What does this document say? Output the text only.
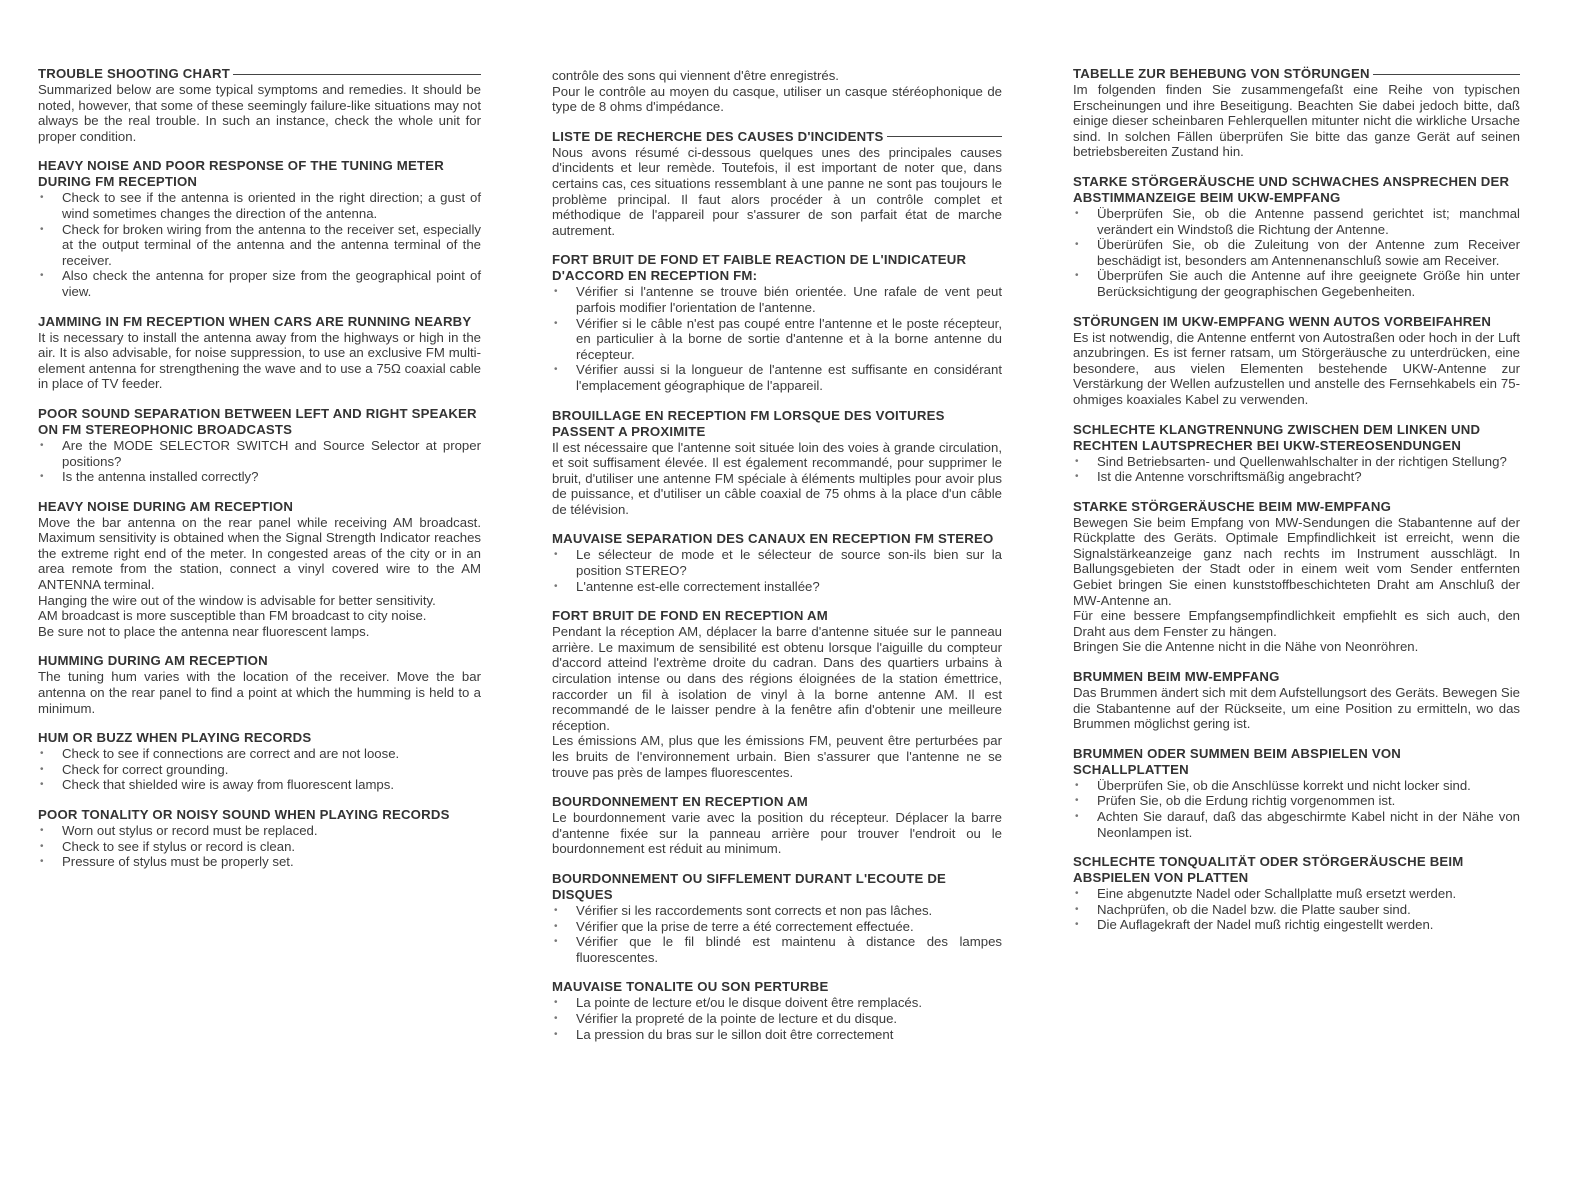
TROUBLE SHOOTING CHART

Summarized below are some typical symptoms and remedies. It should be noted, however, that some of these seemingly failure-like situations may not always be the real trouble. In such an instance, check the whole unit for proper condition.

HEAVY NOISE AND POOR RESPONSE OF THE TUNING METER DURING FM RECEPTION
• Check to see if the antenna is oriented in the right direction; a gust of wind sometimes changes the direction of the antenna.
• Check for broken wiring from the antenna to the receiver set, especially at the output terminal of the antenna and the antenna terminal of the receiver.
• Also check the antenna for proper size from the geographical point of view.
JAMMING IN FM RECEPTION WHEN CARS ARE RUNNING NEARBY

It is necessary to install the antenna away from the highways or high in the air. It is also advisable, for noise suppression, to use an exclusive FM multi-element antenna for strengthening the wave and to use a 75Ω coaxial cable in place of TV feeder.

POOR SOUND SEPARATION BETWEEN LEFT AND RIGHT SPEAKER ON FM STEREOPHONIC BROADCASTS
• Are the MODE SELECTOR SWITCH and Source Selector at proper positions?
• Is the antenna installed correctly?
HEAVY NOISE DURING AM RECEPTION

Move the bar antenna on the rear panel while receiving AM broadcast. Maximum sensitivity is obtained when the Signal Strength Indicator reaches the extreme right end of the meter. In congested areas of the city or in an area remote from the station, connect a vinyl covered wire to the AM ANTENNA terminal.

Hanging the wire out of the window is advisable for better sensitivity.

AM broadcast is more susceptible than FM broadcast to city noise.

Be sure not to place the antenna near fluorescent lamps.

HUMMING DURING AM RECEPTION

The tuning hum varies with the location of the receiver. Move the bar antenna on the rear panel to find a point at which the humming is held to a minimum.

HUM OR BUZZ WHEN PLAYING RECORDS
• Check to see if connections are correct and are not loose.
• Check for correct grounding.
• Check that shielded wire is away from fluorescent lamps.
POOR TONALITY OR NOISY SOUND WHEN PLAYING RECORDS
• Worn out stylus or record must be replaced.
• Check to see if stylus or record is clean.
• Pressure of stylus must be properly set.

contrôle des sons qui viennent d'être enregistrés.

Pour le contrôle au moyen du casque, utiliser un casque stéréophonique de type de 8 ohms d'impédance.

LISTE DE RECHERCHE DES CAUSES D'INCIDENTS

Nous avons résumé ci-dessous quelques unes des principales causes d'incidents et leur remède. Toutefois, il est important de noter que, dans certains cas, ces situations ressemblant à une panne ne sont pas toujours le problème principal. Il faut alors procéder à un contrôle complet et méthodique de l'appareil pour s'assurer de son parfait état de marche autrement.

FORT BRUIT DE FOND ET FAIBLE REACTION DE L'INDICATEUR D'ACCORD EN RECEPTION FM:
• Vérifier si l'antenne se trouve bién orientée. Une rafale de vent peut parfois modifier l'orientation de l'antenne.
• Vérifier si le câble n'est pas coupé entre l'antenne et le poste récepteur, en particulier à la borne de sortie d'antenne et à la borne antenne du récepteur.
• Vérifier aussi si la longueur de l'antenne est suffisante en considérant l'emplacement géographique de l'appareil.
BROUILLAGE EN RECEPTION FM LORSQUE DES VOITURES PASSENT A PROXIMITE

Il est nécessaire que l'antenne soit située loin des voies à grande circulation, et soit suffisament élevée. Il est également recommandé, pour supprimer le bruit, d'utiliser une antenne FM spéciale à éléments multiples pour avoir plus de puissance, et d'utiliser un câble coaxial de 75 ohms à la place d'un câble de télévision.

MAUVAISE SEPARATION DES CANAUX EN RECEPTION FM STEREO
• Le sélecteur de mode et le sélecteur de source son-ils bien sur la position STEREO?
• L'antenne est-elle correctement installée?
FORT BRUIT DE FOND EN RECEPTION AM

Pendant la réception AM, déplacer la barre d'antenne située sur le panneau arrière. Le maximum de sensibilité est obtenu lorsque l'aiguille du compteur d'accord atteind l'extrème droite du cadran. Dans des quartiers urbains à circulation intense ou dans des régions éloignées de la station émettrice, raccorder un fil à isolation de vinyl à la borne antenne AM. Il est recommandé de le laisser pendre à la fenêtre afin d'obtenir une meilleure réception.

Les émissions AM, plus que les émissions FM, peuvent être perturbées par les bruits de l'environnement urbain. Bien s'assurer que l'antenne ne se trouve pas près de lampes fluorescentes.

BOURDONNEMENT EN RECEPTION AM

Le bourdonnement varie avec la position du récepteur. Déplacer la barre d'antenne fixée sur la panneau arrière pour trouver l'endroit ou le bourdonnement est réduit au minimum.

BOURDONNEMENT OU SIFFLEMENT DURANT L'ECOUTE DE DISQUES
• Vérifier si les raccordements sont corrects et non pas lâches.
• Vérifier que la prise de terre a été correctement effectuée.
• Vérifier que le fil blindé est maintenu à distance des lampes fluorescentes.
MAUVAISE TONALITE OU SON PERTURBE
• La pointe de lecture et/ou le disque doivent être remplacés.
• Vérifier la propreté de la pointe de lecture et du disque.
• La pression du bras sur le sillon doit être correctement
TABELLE ZUR BEHEBUNG VON STÖRUNGEN

Im folgenden finden Sie zusammengefaßt eine Reihe von typischen Erscheinungen und ihre Beseitigung. Beachten Sie dabei jedoch bitte, daß einige dieser scheinbaren Fehlerquellen mitunter nicht die wirkliche Ursache sind. In solchen Fällen überprüfen Sie bitte das ganze Gerät auf seinen betriebsbereiten Zustand hin.

STARKE STÖRGERÄUSCHE UND SCHWACHES ANSPRECHEN DER ABSTIMMANZEIGE BEIM UKW-EMPFANG
• Überprüfen Sie, ob die Antenne passend gerichtet ist; manchmal verändert ein Windstoß die Richtung der Antenne.
• Überürüfen Sie, ob die Zuleitung von der Antenne zum Receiver beschädigt ist, besonders am Antennenanschluß sowie am Receiver.
• Überprüfen Sie auch die Antenne auf ihre geeignete Größe hin unter Berücksichtigung der geographischen Gegebenheiten.
STÖRUNGEN IM UKW-EMPFANG WENN AUTOS VORBEIFAHREN

Es ist notwendig, die Antenne entfernt von Autostraßen oder hoch in der Luft anzubringen. Es ist ferner ratsam, um Störgeräusche zu unterdrücken, eine besondere, aus vielen Elementen bestehende UKW-Antenne zur Verstärkung der Wellen aufzustellen und anstelle des Fernsehkabels ein 75-ohmiges koaxiales Kabel zu verwenden.

SCHLECHTE KLANGTRENNUNG ZWISCHEN DEM LINKEN UND RECHTEN LAUTSPRECHER BEI UKW-STEREOSENDUNGEN
• Sind Betriebsarten- und Quellenwahlschalter in der richtigen Stellung?
• Ist die Antenne vorschriftsmäßig angebracht?
STARKE STÖRGERÄUSCHE BEIM MW-EMPFANG

Bewegen Sie beim Empfang von MW-Sendungen die Stabantenne auf der Rückplatte des Geräts. Optimale Empfindlichkeit ist erreicht, wenn die Signalstärkeanzeige ganz nach rechts im Instrument ausschlägt. In Ballungsgebieten der Stadt oder in einem weit vom Sender entfernten Gebiet bringen Sie einen kunststoffbeschichteten Draht am Anschluß der MW-Antenne an.

Für eine bessere Empfangsempfindlichkeit empfiehlt es sich auch, den Draht aus dem Fenster zu hängen.

Bringen Sie die Antenne nicht in die Nähe von Neonröhren.

BRUMMEN BEIM MW-EMPFANG

Das Brummen ändert sich mit dem Aufstellungsort des Geräts. Bewegen Sie die Stabantenne auf der Rückseite, um eine Position zu ermitteln, wo das Brummen möglichst gering ist.

BRUMMEN ODER SUMMEN BEIM ABSPIELEN VON SCHALLPLATTEN
• Überprüfen Sie, ob die Anschlüsse korrekt und nicht locker sind.
• Prüfen Sie, ob die Erdung richtig vorgenommen ist.
• Achten Sie darauf, daß das abgeschirmte Kabel nicht in der Nähe von Neonlampen ist.
SCHLECHTE TONQUALITÄT ODER STÖRGERÄUSCHE BEIM ABSPIELEN VON PLATTEN
• Eine abgenutzte Nadel oder Schallplatte muß ersetzt werden.
• Nachprüfen, ob die Nadel bzw. die Platte sauber sind.
• Die Auflagekraft der Nadel muß richtig eingestellt werden.
